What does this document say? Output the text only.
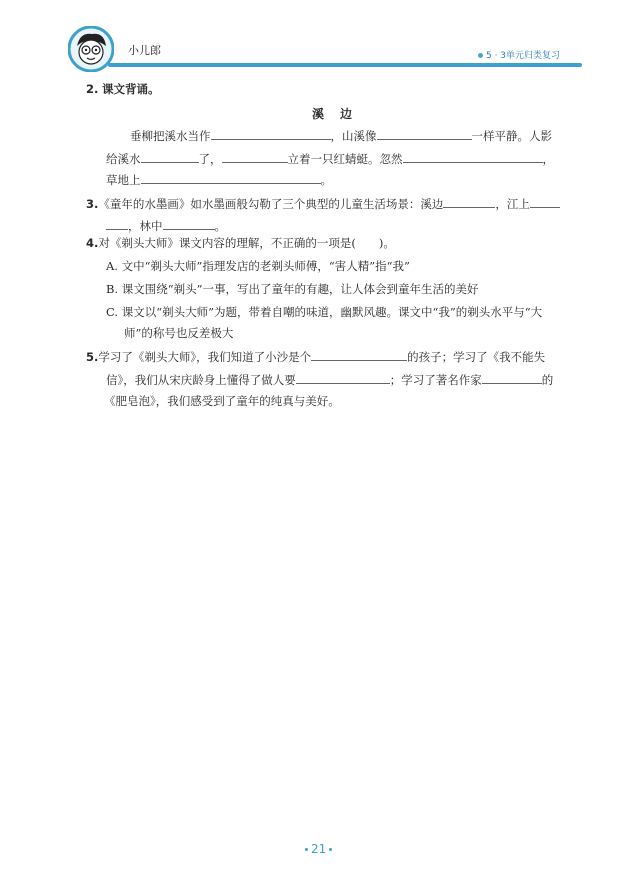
小儿郎	5 · 3单元归类复习
2. 课文背诵。
溪　边
垂柳把溪水当作	，山溪像	一样平静。人影
给溪水	了，	立着一只红蜻蜓。忽然	，
草地上	。
3.《童年的水墨画》如水墨画般勾勒了三个典型的儿童生活场景：溪边	，江上
，林中	。
4.对《剃头大师》课文内容的理解，不正确的一项是(　　)。
A. 文中“剃头大师”指理发店的老剃头师傅，“害人精”指“我”
B. 课文围绕“剃头”一事，写出了童年的有趣，让人体会到童年生活的美好
C. 课文以“剃头大师”为题，带着自嘲的味道，幽默风趣。课文中“我”的剃头水平与“大
师”的称号也反差极大
5.学习了《剃头大师》，我们知道了小沙是个	的孩子；学习了《我不能失
信》，我们从宋庆龄身上懂得了做人要	；学习了著名作家	的
《肥皂泡》，我们感受到了童年的纯真与美好。
21
